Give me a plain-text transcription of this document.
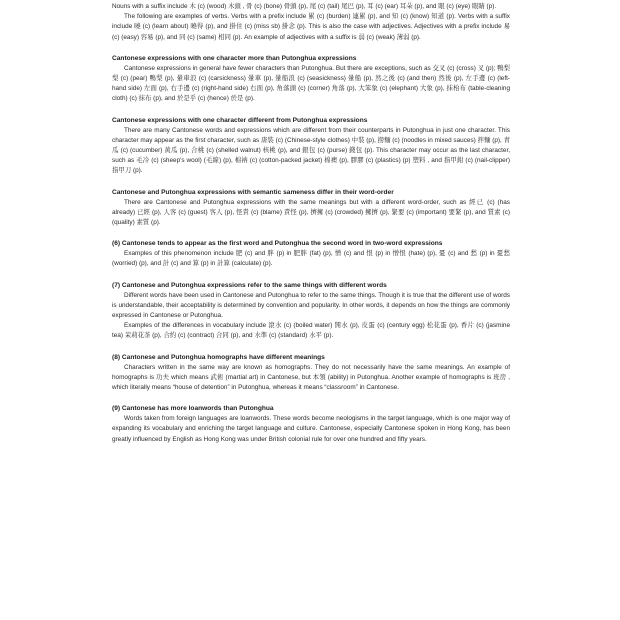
Nouns with a suffix include 木 (c) (wood) 木頭 , 骨 (c) (bone) 骨頭 (p), 尾 (c) (tail) 尾巴 (p), 耳 (c) (ear) 耳朵 (p), and 眼 (c) (eye) 眼睛 (p).

The following are examples of verbs. Verbs with a prefix include 累 (c) (burden) 連累 (p), and 知 (c) (know) 知道 (p). Verbs with a suffix include 曉 (c) (learn about) 曉得 (p), and 掛住 (c) (miss sb) 掛念 (p). This is also the case with adjectives. Adjectives with a prefix include 易 (c) (easy) 容易 (p), and 同 (c) (same) 相同 (p). An example of adjectives with a suffix is 弱 (c) (weak) 薄弱 (p).

Cantonese expressions with one character more than Putonghua expressions

Cantonese expressions in general have fewer characters than Putonghua. But there are exceptions, such as 交叉 (c) (cross) 叉 (p); 鴨梨梨 (c) (pear) 鴨梨 (p), 暈車浪 (c) (carsickness) 暈車 (p), 暈船浪 (c) (seasickness) 暈船 (p), 然之後 (c) (and then) 然後 (p), 左手邊 (c) (left-hand side) 左面 (p), 右手邊 (c) (right-hand side) 右面 (p), 角落頭 (c) (corner) 角落 (p), 大笨象 (c) (elephant) 大象 (p), 抹枱布 (table-cleaning cloth) (c) 抹布 (p), and 於是乎 (c) (hence) 於是 (p).

Cantonese expressions with one character different from Putonghua expressions

There are many Cantonese words and expressions which are different from their counterparts in Putonghua in just one character. This character may appear as the first character, such as 唐裝 (c) (Chinese-style clothes) 中裝 (p), 撈麵 (c) (noodles in mixed sauces) 拌麵 (p), 青瓜 (c) (cucumber) 黃瓜 (p), 合桃 (c) (shelled walnut) 核桃 (p), and 銀包 (c) (purse) 錢包 (p). This character may occur as the last character, such as 毛冷 (c) (sheep's wool) (毛線) (p), 棉衲 (c) (cotton-packed jacket) 棉襖 (p), 膠膠 (c) (plastics) (p) 塑料 , and 指甲鉗 (c) (nail-clipper) 指甲刀 (p).

Cantonese and Putonghua expressions with semantic sameness differ in their word-order

There are Cantonese and Putonghua expressions with the same meanings but with a different word-order, such as 經已 (c) (has already) 已經 (p), 人客 (c) (guest) 客人 (p), 怪責 (c) (blame) 責怪 (p), 擠擁 (c) (crowded) 擁擠 (p), 緊要 (c) (important) 要緊 (p), and 質素 (c) (quality) 素質 (p).

(6) Cantonese tends to appear as the first word and Putonghua the second word in two-word expressions

Examples of this phenomenon include 肥 (c) and 胖 (p) in 肥胖 (fat) (p), 憎 (c) and 恨 (p) in 憎恨 (hate) (p), 憂 (c) and 愁 (p) in 憂愁 (worried) (p), and 計 (c) and 算 (p) in 計算 (calculate) (p).

(7) Cantonese and Putonghua expressions refer to the same things with different words

Different words have been used in Cantonese and Putonghua to refer to the same things. Though it is true that the different use of words is understandable, their acceptability is determined by convention and popularity. In other words, it depends on how the things are commonly expressed in Cantonese or Putonghua.

Examples of the differences in vocabulary include 滾水 (c) (boiled water) 開水 (p), 皮蛋 (c) (century egg) 松花蛋 (p), 香片 (c) (jasmine tea) 茉莉花茶 (p), 合約 (c) (contract) 合同 (p), and 水準 (c) (standard) 水平 (p).

(8) Cantonese and Putonghua homographs have different meanings

Characters written in the same way are known as homographs. They do not necessarily have the same meanings. An example of homographs is 功夫 which means 武術 (martial art) in Cantonese, but 本領 (ability) in Putonghua. Another example of homographs is 班房 , which literally means “house of detention” in Putonghua, whereas it means “classroom” in Cantonese.

(9) Cantonese has more loanwords than Putonghua

Words taken from foreign languages are loanwords. These words become neologisms in the target language, which is one major way of expanding its vocabulary and enriching the target language and culture. Cantonese, especially Cantonese spoken in Hong Kong, has been greatly influenced by English as Hong Kong was under British colonial rule for over one hundred and fifty years.
